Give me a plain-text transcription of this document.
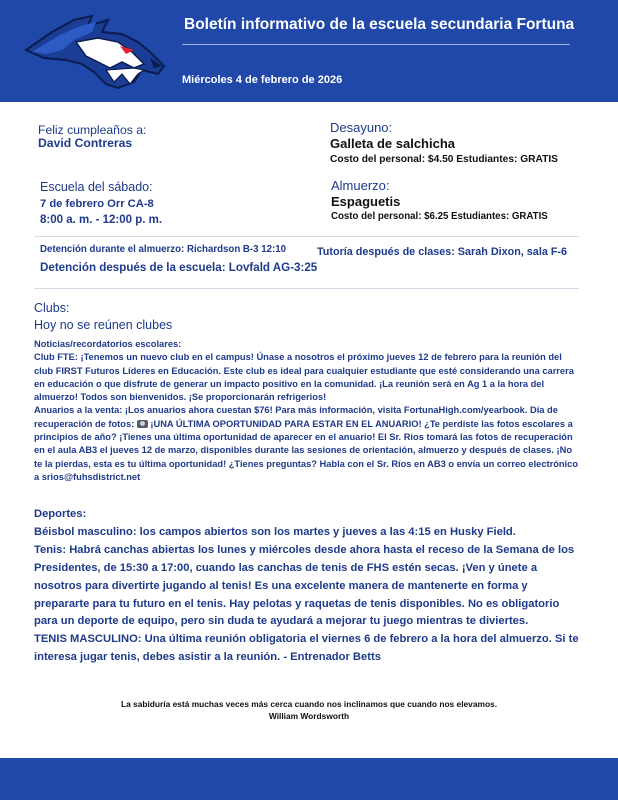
Boletín informativo de la escuela secundaria Fortuna
Miércoles 4 de febrero de 2026
Feliz cumpleaños a:
David Contreras
Escuela del sábado:
7 de febrero Orr CA-8
8:00 a. m. - 12:00 p. m.
Desayuno:
Galleta de salchicha
Costo del personal: $4.50 Estudiantes: GRATIS
Almuerzo:
Espaguetis
Costo del personal: $6.25 Estudiantes: GRATIS
Detención durante el almuerzo: Richardson B-3 12:10
Detención después de la escuela: Lovfald AG-3:25
Tutoría después de clases: Sarah Dixon, sala F-6
Clubs:
Hoy no se reúnen clubes

Noticias/recordatorios escolares:

Club FTE: ¡Tenemos un nuevo club en el campus! Únase a nosotros el próximo jueves 12 de febrero para la reunión del club FIRST Futuros Líderes en Educación. Este club es ideal para cualquier estudiante que esté considerando una carrera en educación o que disfrute de generar un impacto positivo en la comunidad. ¡La reunión será en Ag 1 a la hora del almuerzo! Todos son bienvenidos. ¡Se proporcionarán refrigerios!

Anuarios a la venta: ¡Los anuarios ahora cuestan $76! Para más información, visita FortunaHigh.com/yearbook. Día de recuperación de fotos: ¡UNA ÚLTIMA OPORTUNIDAD PARA ESTAR EN EL ANUARIO! ¿Te perdiste las fotos escolares a principios de año? ¡Tienes una última oportunidad de aparecer en el anuario! El Sr. Ríos tomará las fotos de recuperación en el aula AB3 el jueves 12 de marzo, disponibles durante las sesiones de orientación, almuerzo y después de clases. ¡No te la pierdas, esta es tu última oportunidad! ¿Tienes preguntas? Habla con el Sr. Ríos en AB3 o envía un correo electrónico a srios@fuhsdistrict.net

Deportes:

Béisbol masculino: los campos abiertos son los martes y jueves a las 4:15 en Husky Field.

Tenis: Habrá canchas abiertas los lunes y miércoles desde ahora hasta el receso de la Semana de los Presidentes, de 15:30 a 17:00, cuando las canchas de tenis de FHS estén secas. ¡Ven y únete a nosotros para divertirte jugando al tenis! Es una excelente manera de mantenerte en forma y prepararte para tu futuro en el tenis. Hay pelotas y raquetas de tenis disponibles. No es obligatorio para un deporte de equipo, pero sin duda te ayudará a mejorar tu juego mientras te diviertes.

TENIS MASCULINO: Una última reunión obligatoria el viernes 6 de febrero a la hora del almuerzo. Si te interesa jugar tenis, debes asistir a la reunión. - Entrenador Betts

La sabiduría está muchas veces más cerca cuando nos inclinamos que cuando nos elevamos.
William Wordsworth
